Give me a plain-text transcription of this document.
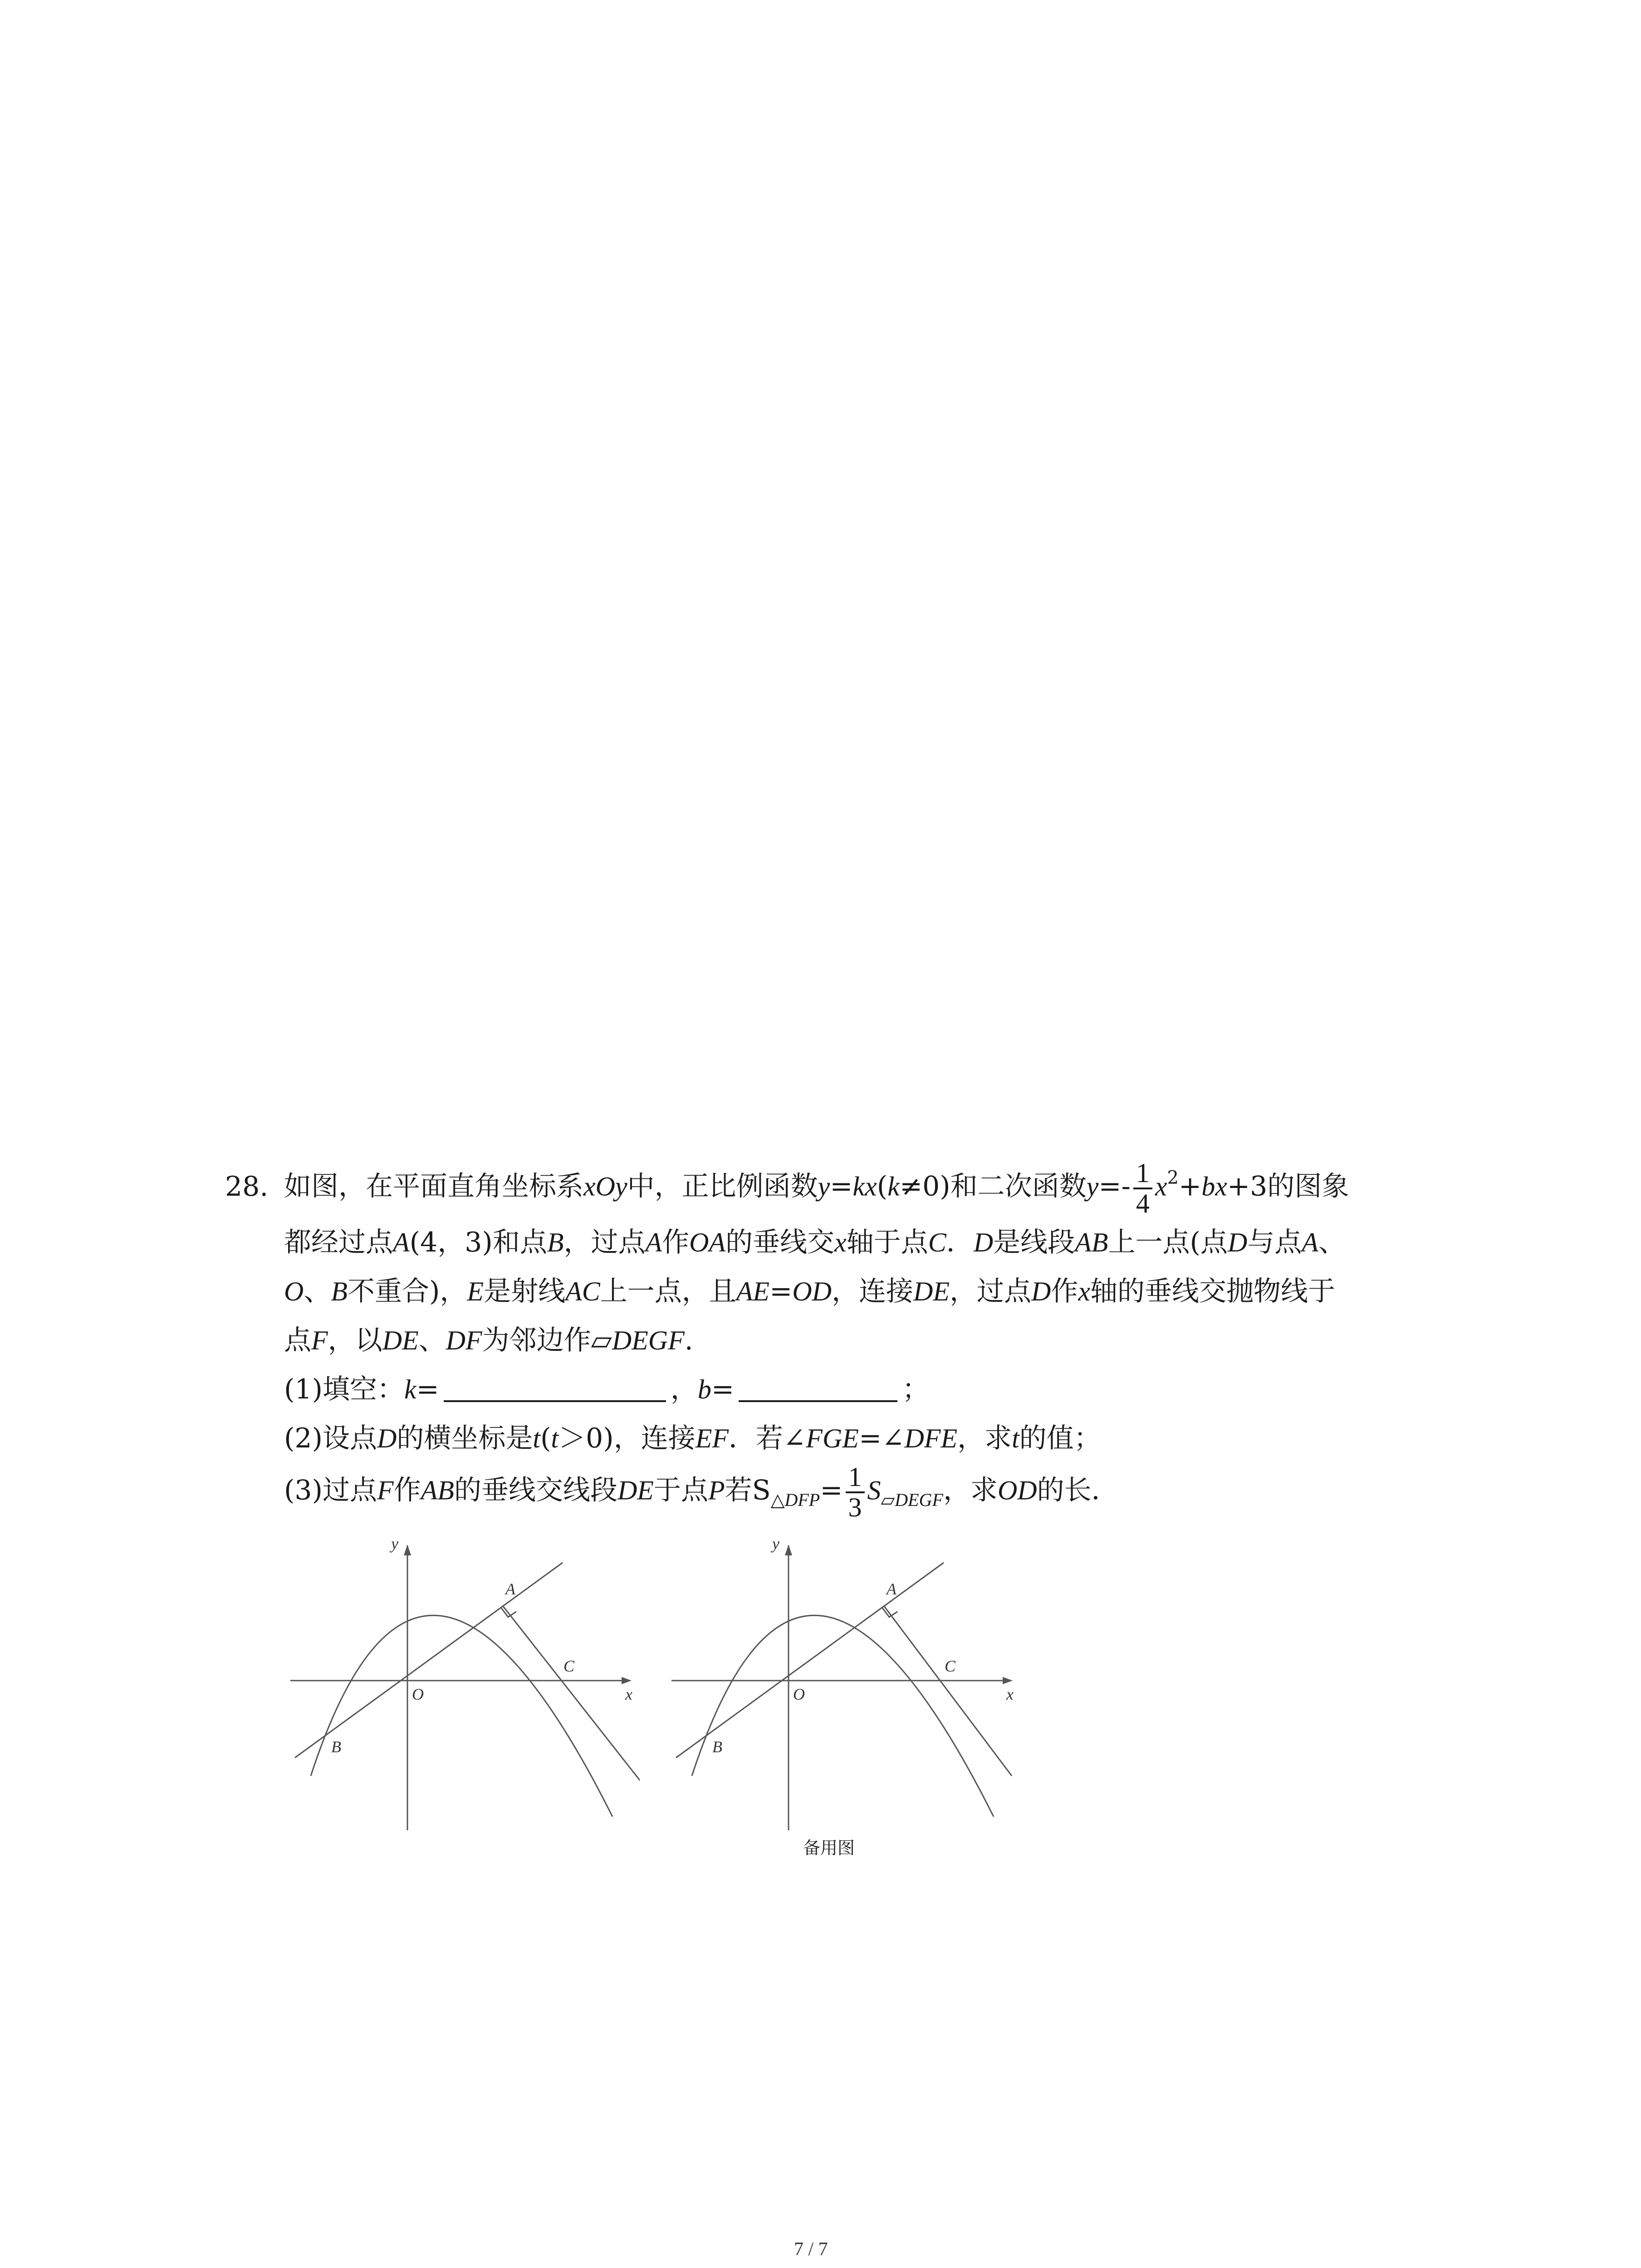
28. 如图，在平面直角坐标系xOy中，正比例函数y=kx(k≠0)和二次函数$y=- \frac{1}{4} x^2+bx+3$的图象
都经过点A(4，3)和点B，过点A作OA的垂线交x轴于点C．D是线段AB上一点(点D与点A、
O、B不重合)，E是射线AC上一点，且AE=OD，连接DE，过点D作x轴的垂线交抛物线于
点F，以DE、DF为邻边作▱DEGF.
(1)填空：k=	，b=	；
(2)设点D的横坐标是t(t＞0)，连接EF．若∠FGE=∠DFE，求t的值；
(3)过点F作AB的垂线交线段DE于点P若$S_{\triangle DFP}= \frac{1}{3} S_{▱DEGF}$，求OD的长．
y
x
O
A
B
C
y
x
O
A
B
C
备用图
7 / 7
